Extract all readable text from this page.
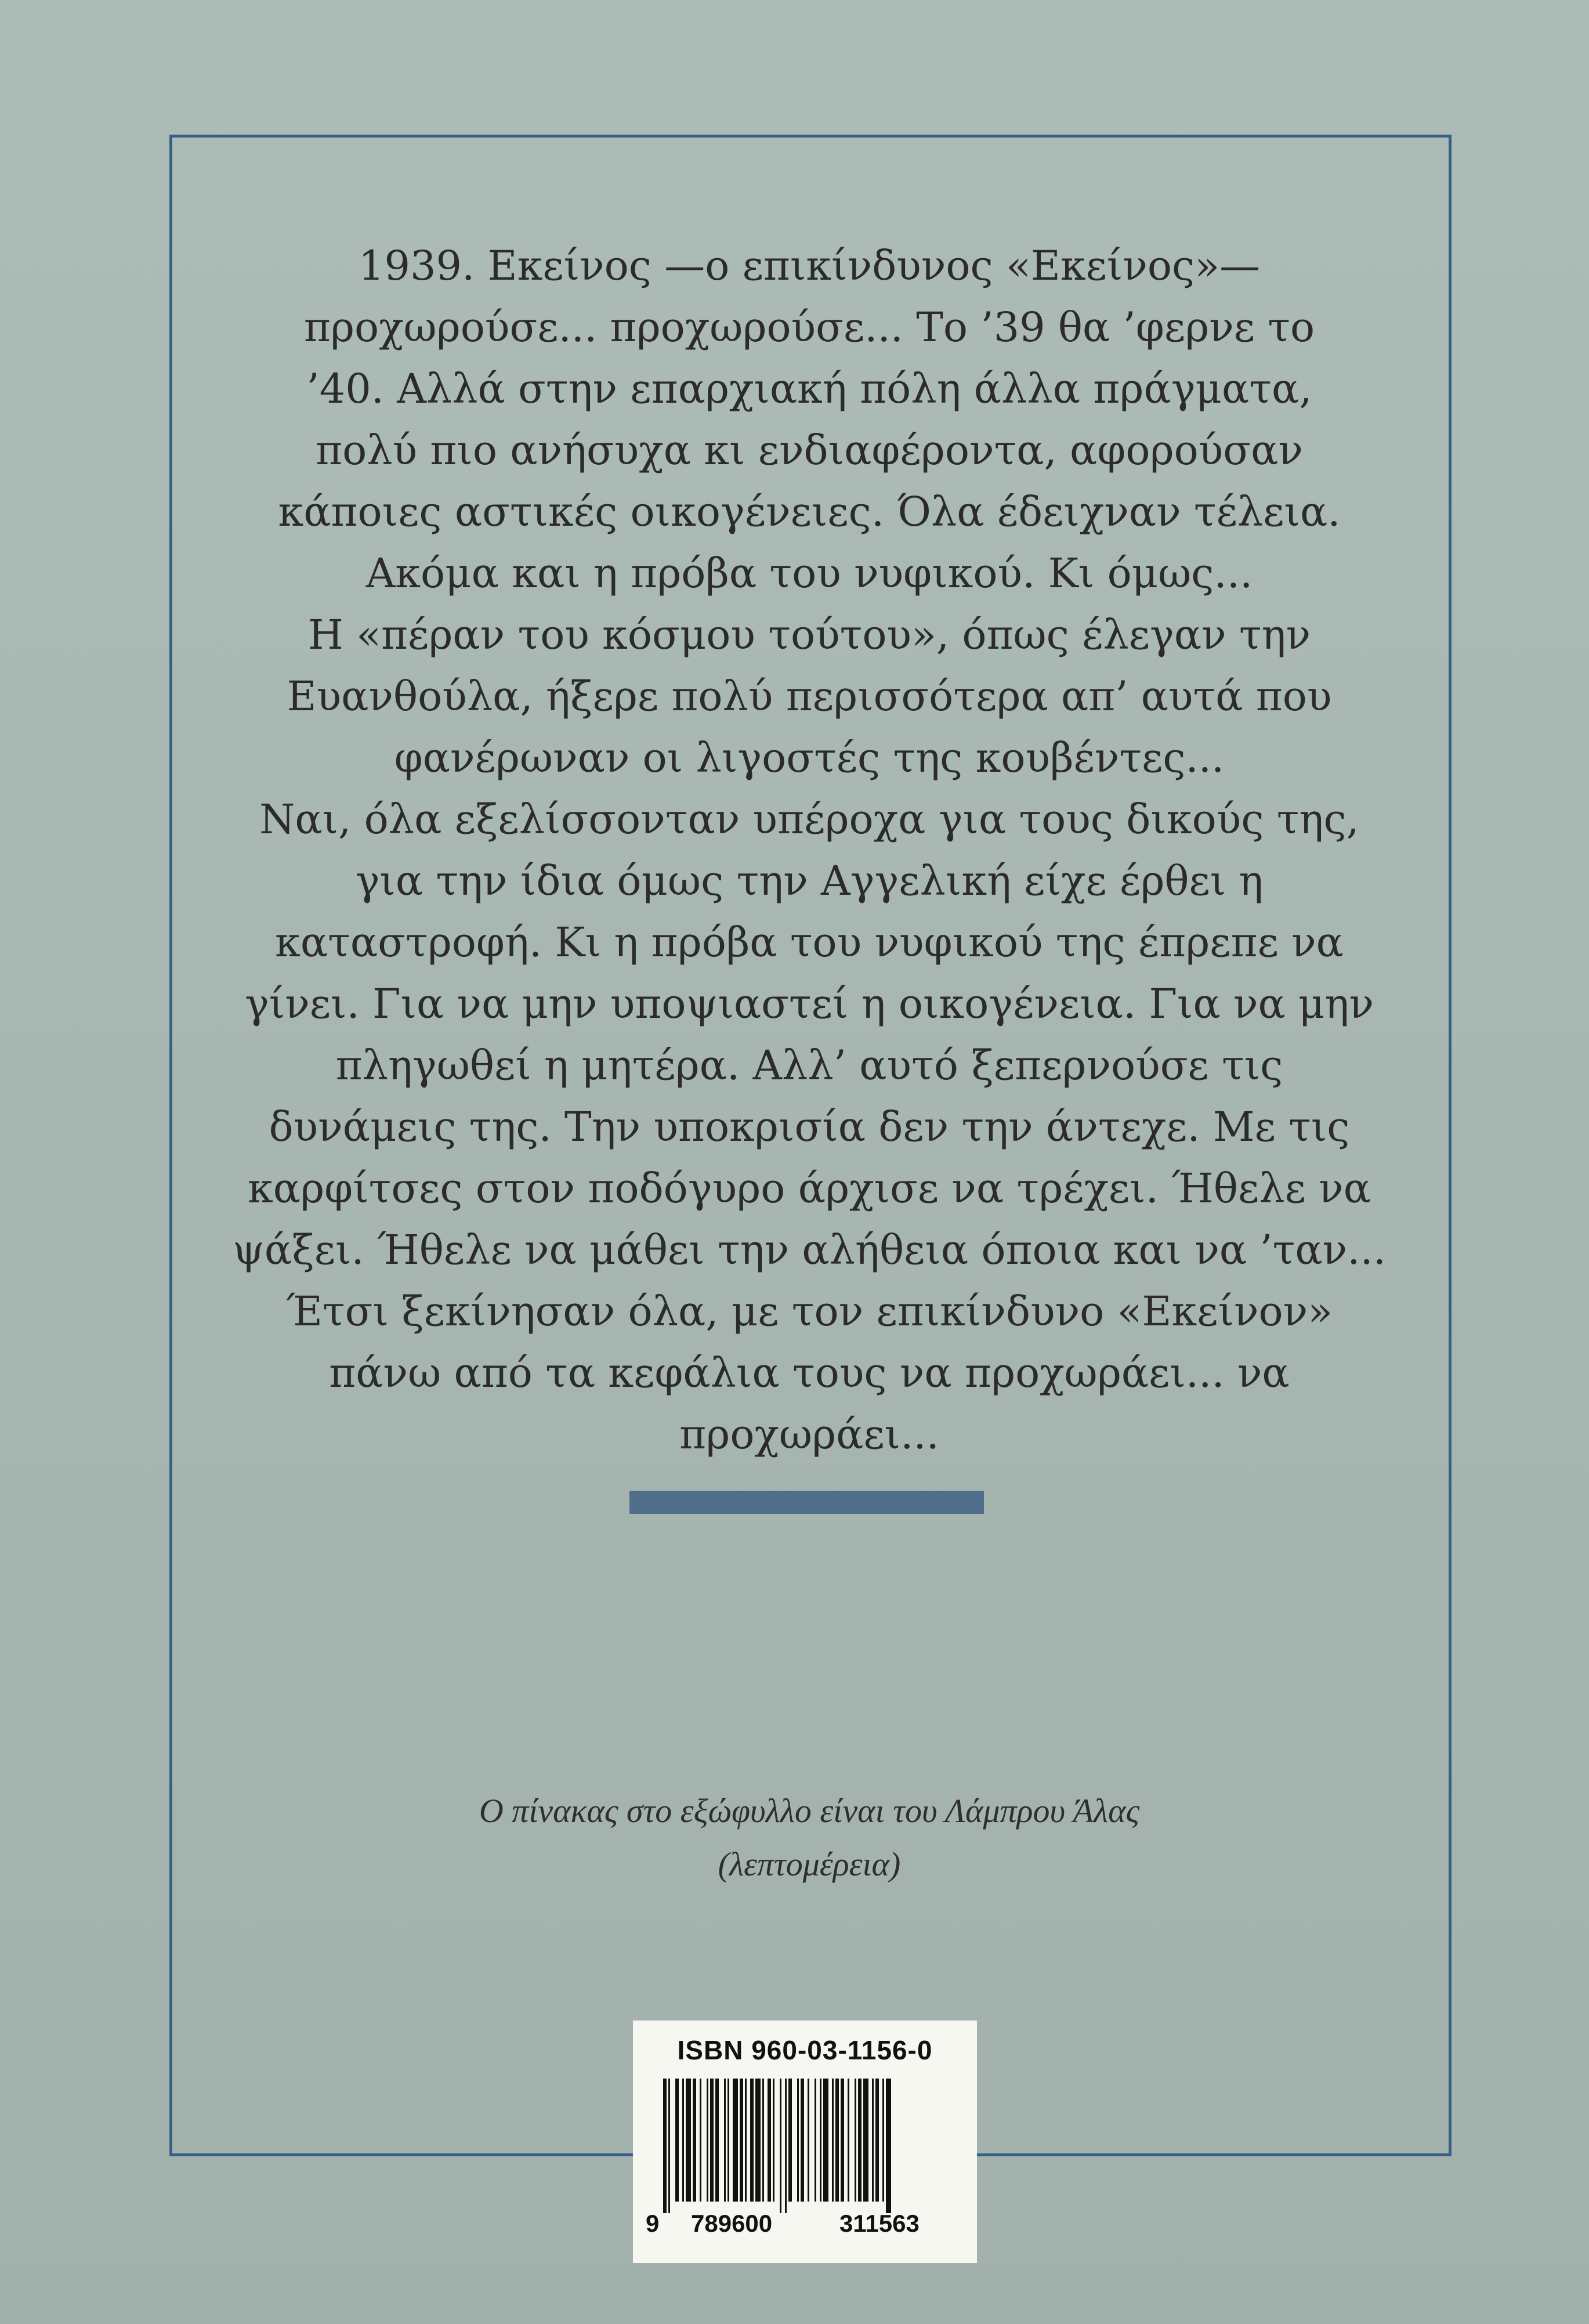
1939. Εκείνος —ο επικίνδυνος «Εκείνος»—
προχωρούσε... προχωρούσε... Το ’39 θα ’φερνε το
’40. Αλλά στην επαρχιακή πόλη άλλα πράγματα,
πολύ πιο ανήσυχα κι ενδιαφέροντα, αφορούσαν
κάποιες αστικές οικογένειες. Όλα έδειχναν τέλεια.
Ακόμα και η πρόβα του νυφικού. Κι όμως...
Η «πέραν του κόσμου τούτου», όπως έλεγαν την
Ευανθούλα, ήξερε πολύ περισσότερα απ’ αυτά που
φανέρωναν οι λιγοστές της κουβέντες...
Ναι, όλα εξελίσσονταν υπέροχα για τους δικούς της,
για την ίδια όμως την Αγγελική είχε έρθει η
καταστροφή. Κι η πρόβα του νυφικού της έπρεπε να
γίνει. Για να μην υποψιαστεί η οικογένεια. Για να μην
πληγωθεί η μητέρα. Αλλ’ αυτό ξεπερνούσε τις
δυνάμεις της. Την υποκρισία δεν την άντεχε. Με τις
καρφίτσες στον ποδόγυρο άρχισε να τρέχει. Ήθελε να
ψάξει. Ήθελε να μάθει την αλήθεια όποια και να ’ταν...
Έτσι ξεκίνησαν όλα, με τον επικίνδυνο «Εκείνον»
πάνω από τα κεφάλια τους να προχωράει... να
προχωράει...
Ο πίνακας στο εξώφυλλο είναι του Λάμπρου Άλας
(λεπτομέρεια)
ISBN 960-03-1156-0
9 789600	311563
